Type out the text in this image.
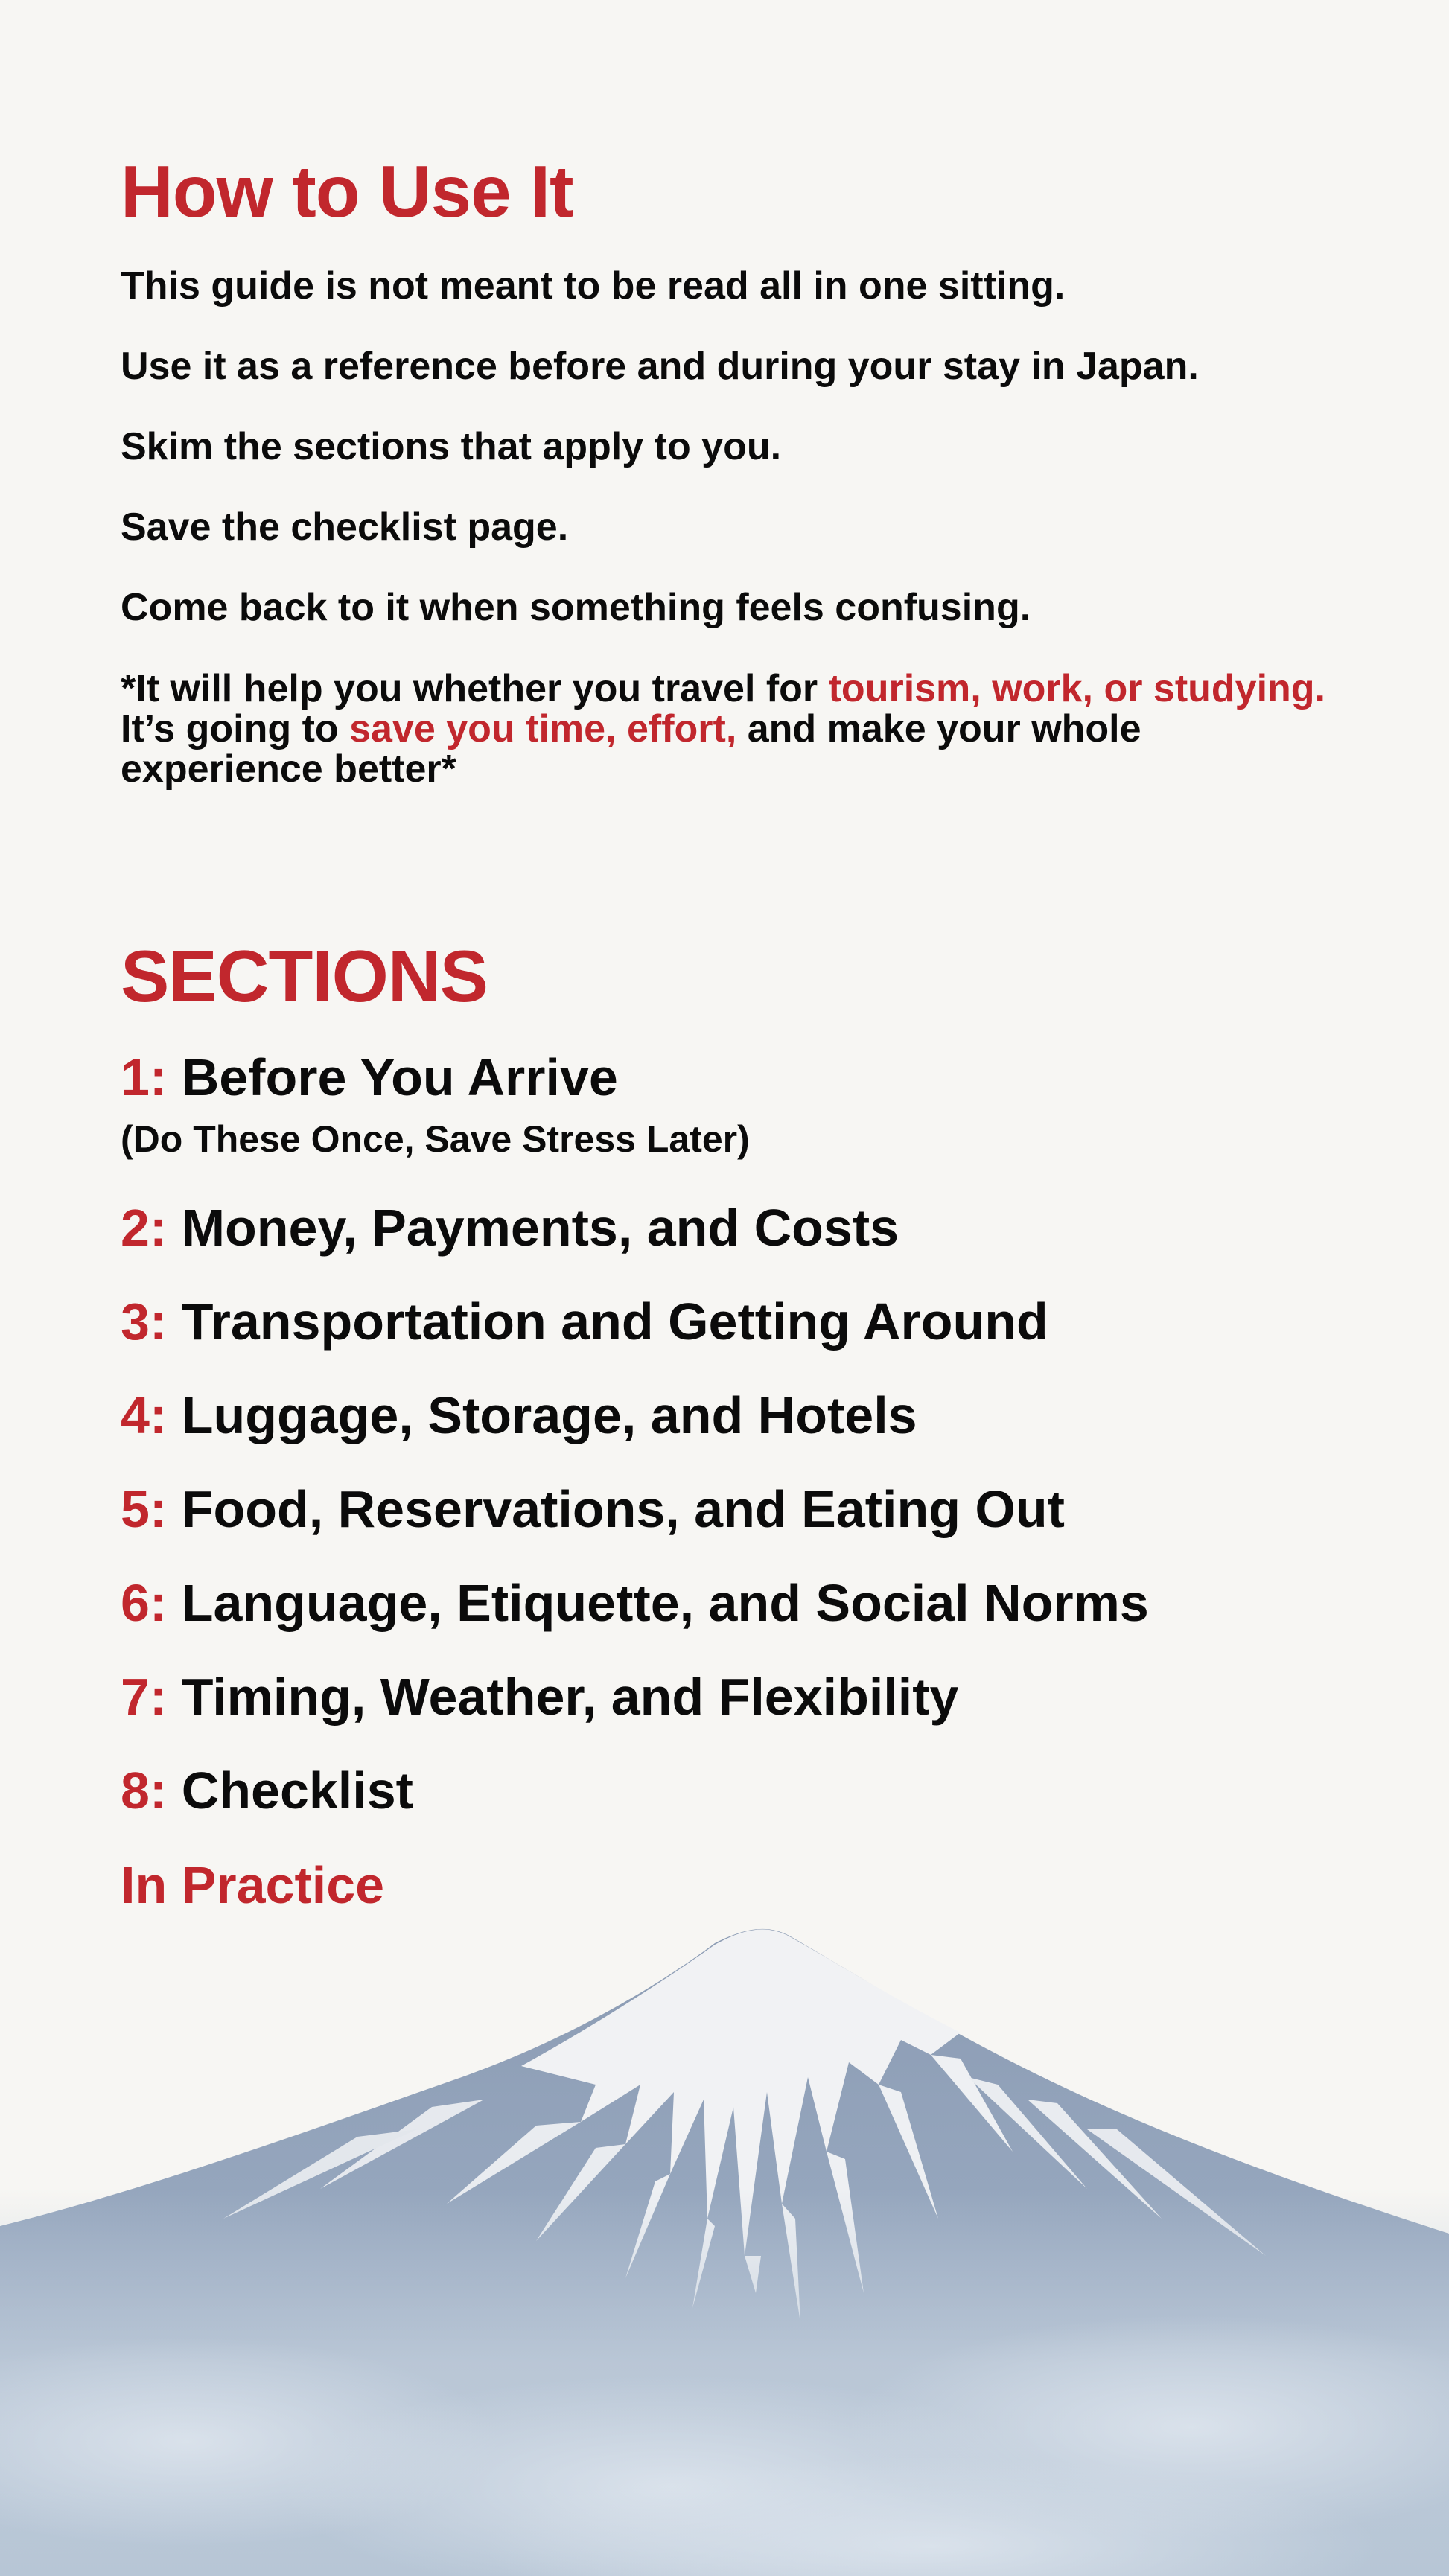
How to Use It

This guide is not meant to be read all in one sitting.

Use it as a reference before and during your stay in Japan.

Skim the sections that apply to you.

Save the checklist page.

Come back to it when something feels confusing.

*It will help you whether you travel for tourism, work, or studying. It’s going to save you time, effort, and make your whole experience better*

SECTIONS

1: Before You Arrive

(Do These Once, Save Stress Later)

2: Money, Payments, and Costs

3: Transportation and Getting Around

4: Luggage, Storage, and Hotels

5: Food, Reservations, and Eating Out

6: Language, Etiquette, and Social Norms

7: Timing, Weather, and Flexibility

8: Checklist

In Practice
